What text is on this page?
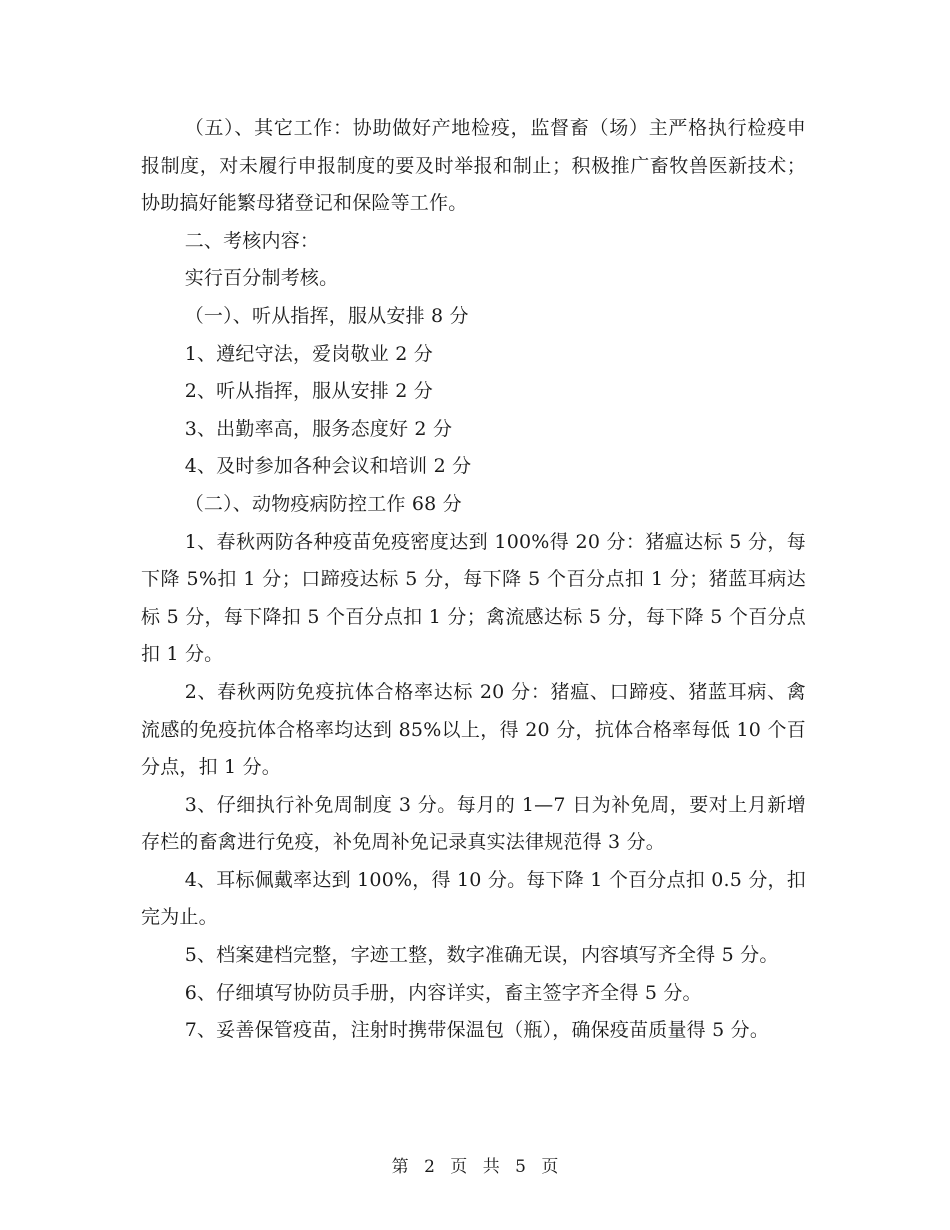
（五）、其它工作：协助做好产地检疫，监督畜（场）主严格执行检疫申报制度，对未履行申报制度的要及时举报和制止；积极推广畜牧兽医新技术；协助搞好能繁母猪登记和保险等工作。

二、考核内容：

实行百分制考核。

（一）、听从指挥，服从安排 8 分

1、遵纪守法，爱岗敬业 2 分

2、听从指挥，服从安排 2 分

3、出勤率高，服务态度好 2 分

4、及时参加各种会议和培训 2 分

（二）、动物疫病防控工作 68 分

1、春秋两防各种疫苗免疫密度达到 100%得 20 分：猪瘟达标 5 分，每下降 5%扣 1 分；口蹄疫达标 5 分，每下降 5 个百分点扣 1 分；猪蓝耳病达标 5 分，每下降扣 5 个百分点扣 1 分；禽流感达标 5 分，每下降 5 个百分点扣 1 分。

2、春秋两防免疫抗体合格率达标 20 分：猪瘟、口蹄疫、猪蓝耳病、禽流感的免疫抗体合格率均达到 85%以上，得 20 分，抗体合格率每低 10 个百分点，扣 1 分。

3、仔细执行补免周制度 3 分。每月的 1—7 日为补免周，要对上月新增存栏的畜禽进行免疫，补免周补免记录真实法律规范得 3 分。

4、耳标佩戴率达到 100%，得 10 分。每下降 1 个百分点扣 0.5 分，扣完为止。

5、档案建档完整，字迹工整，数字准确无误，内容填写齐全得 5 分。

6、仔细填写协防员手册，内容详实，畜主签字齐全得 5 分。

7、妥善保管疫苗，注射时携带保温包（瓶），确保疫苗质量得 5 分。

第 2 页 共 5 页
